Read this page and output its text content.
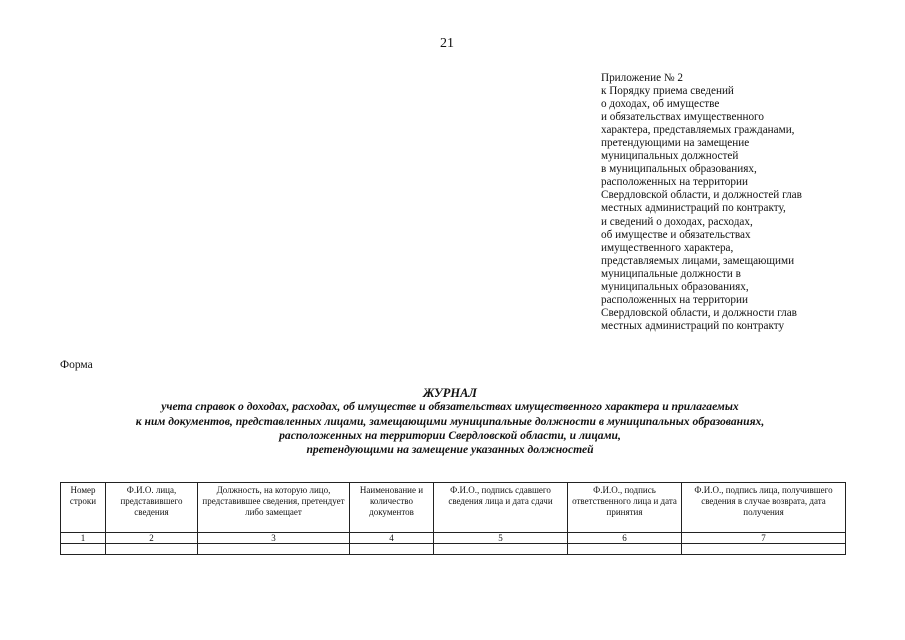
21
Приложение № 2
к Порядку приема сведений
о доходах, об имуществе
и обязательствах имущественного
характера, представляемых гражданами,
претендующими на замещение
муниципальных должностей
в муниципальных образованиях,
расположенных на территории
Свердловской области, и должностей глав
местных администраций по контракту,
и сведений о доходах, расходах,
об имуществе и обязательствах
имущественного характера,
представляемых лицами, замещающими
муниципальные должности в
муниципальных образованиях,
расположенных на территории
Свердловской области, и должности глав
местных администраций по контракту
Форма
ЖУРНАЛ
учета справок о доходах, расходах, об имуществе и обязательствах имущественного характера и прилагаемых
к ним документов, представленных лицами, замещающими муниципальные должности в муниципальных образованиях,
расположенных на территории Свердловской области, и лицами,
претендующими на замещение указанных должностей
Номер строки	Ф.И.О. лица, представившего сведения	Должность, на которую лицо, представившее сведения, претендует либо замещает	Наименование и количество документов	Ф.И.О., подпись сдавшего сведения лица и дата сдачи	Ф.И.О., подпись ответственного лица и дата принятия	Ф.И.О., подпись лица, получившего сведения в случае возврата, дата получения
1	2	3	4	5	6	7
